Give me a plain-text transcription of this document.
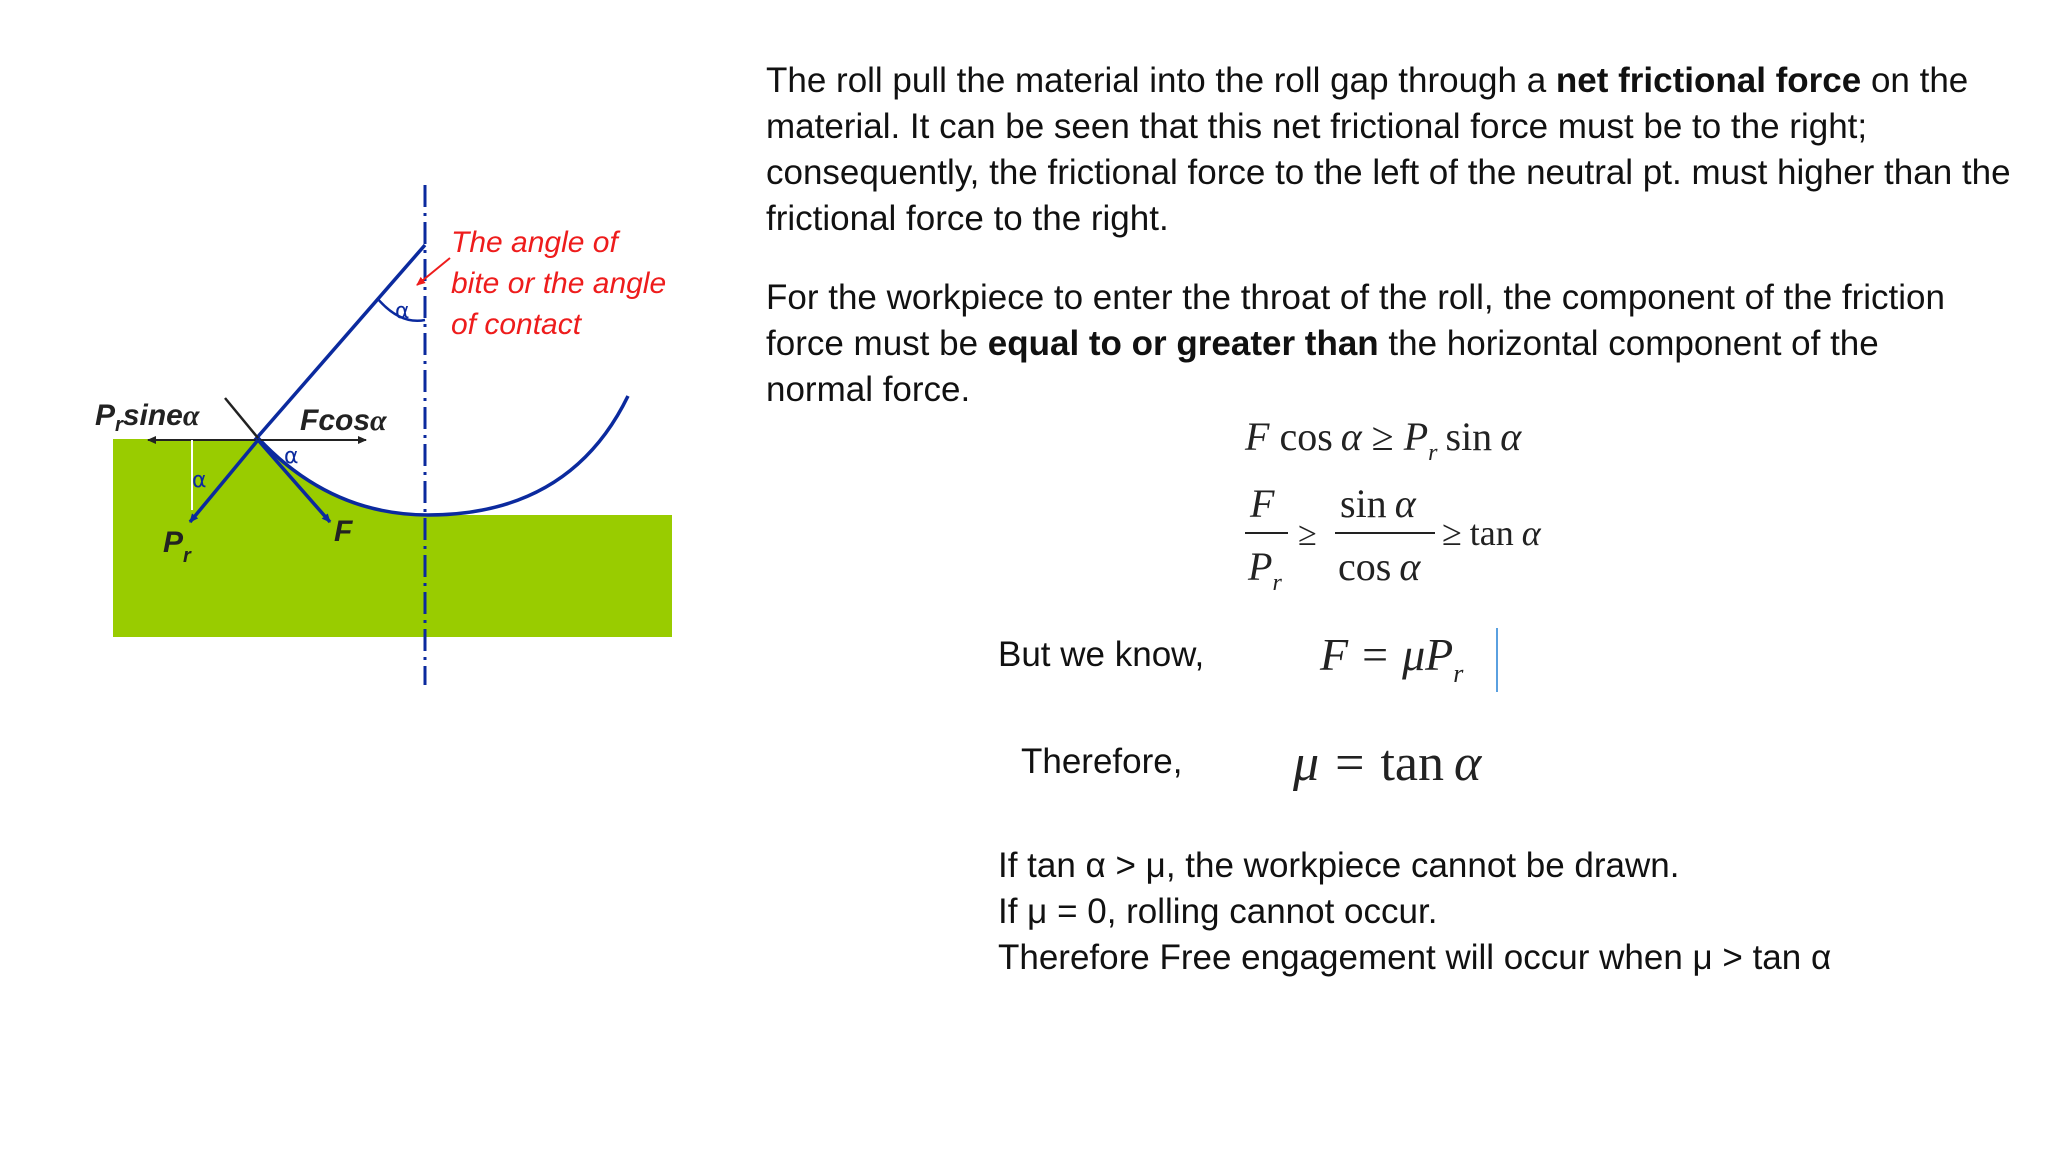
α
The angle of
bite or the angle
of contact
α
α
$P_r\sin e\alpha$	Fcosα
$P_r$
F

The roll pull the material into the roll gap through a net frictional force on the material. It can be seen that this net frictional force must be to the right; consequently, the frictional force to the left of the neutral pt. must higher than the frictional force to the right.

For the workpiece to enter the throat of the roll, the component of the friction force must be equal to or greater than the horizontal component of the normal force.

F $\cos \alpha \ge P_r$ sin α
F
$P_r$
≥
sin α
cos α
≥ tan α
But we know,	$F = \mu P_r$
Therefore, μ = tan α

If tan α > μ, the workpiece cannot be drawn.

If μ = 0, rolling cannot occur.

Therefore Free engagement will occur when μ > tan α
